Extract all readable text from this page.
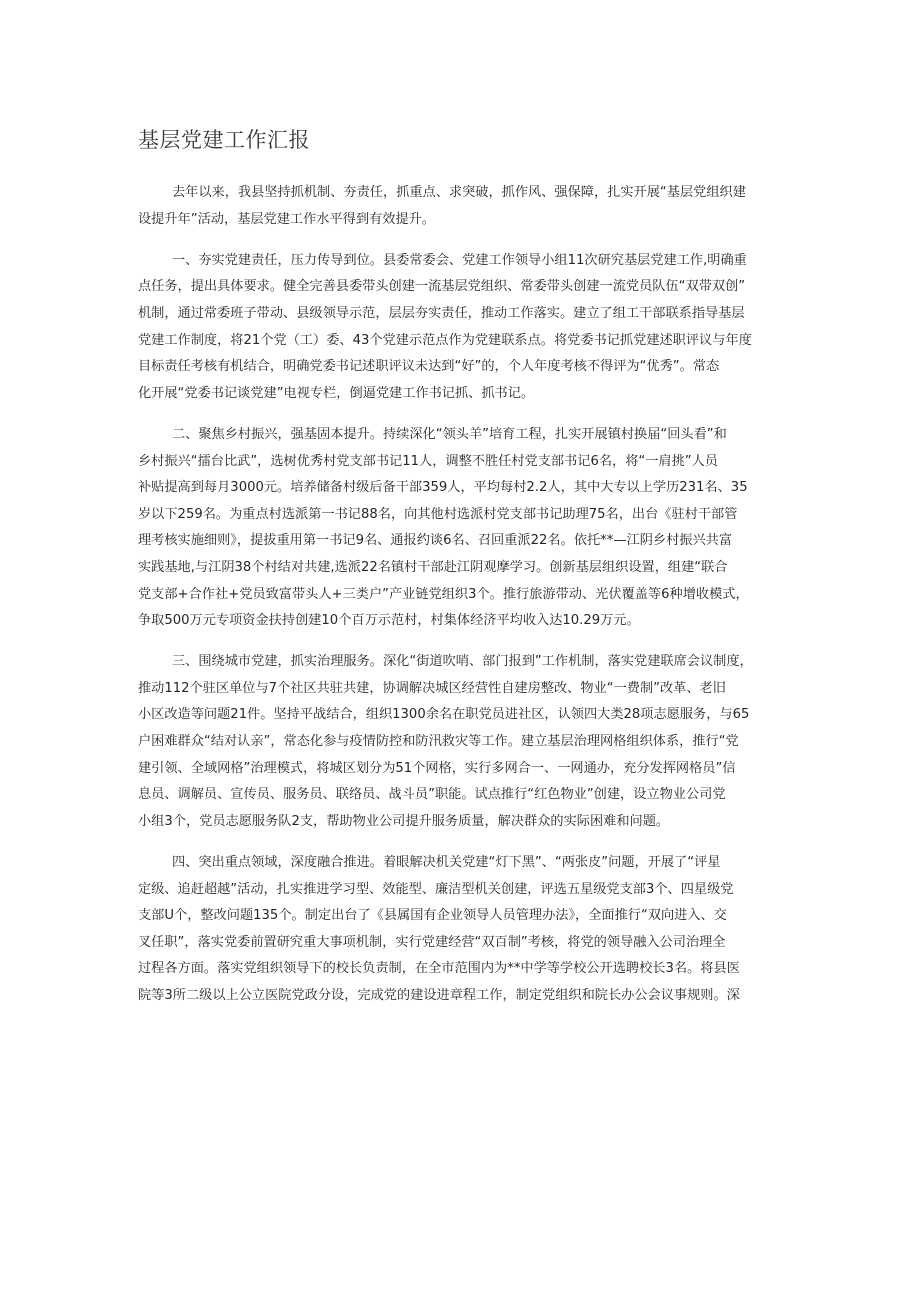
基层党建工作汇报
去年以来，我县坚持抓机制、夯责任，抓重点、求突破，抓作风、强保障，扎实开展“基层党组织建
设提升年”活动，基层党建工作水平得到有效提升。
一、夯实党建责任，压力传导到位。县委常委会、党建工作领导小组11次研究基层党建工作,明确重
点任务，提出具体要求。健全完善县委带头创建一流基层党组织、常委带头创建一流党员队伍“双带双创”
机制，通过常委班子带动、县级领导示范，层层夯实责任，推动工作落实。建立了组工干部联系指导基层
党建工作制度，将21个党（工）委、43个党建示范点作为党建联系点。将党委书记抓党建述职评议与年度
目标责任考核有机结合，明确党委书记述职评议未达到“好”的，个人年度考核不得评为“优秀”。常态
化开展“党委书记谈党建”电视专栏，倒逼党建工作书记抓、抓书记。
二、聚焦乡村振兴，强基固本提升。持续深化“领头羊”培育工程，扎实开展镇村换届“回头看”和
乡村振兴“擂台比武”，选树优秀村党支部书记11人，调整不胜任村党支部书记6名，将“一肩挑”人员
补贴提高到每月3000元。培养储备村级后备干部359人，平均每村2.2人，其中大专以上学历231名、35
岁以下259名。为重点村选派第一书记88名，向其他村选派村党支部书记助理75名，出台《驻村干部管
理考核实施细则》，提拔重用第一书记9名、通报约谈6名、召回重派22名。依托**—江阴乡村振兴共富
实践基地,与江阴38个村结对共建,选派22名镇村干部赴江阴观摩学习。创新基层组织设置，组建“联合
党支部+合作社+党员致富带头人+三类户”产业链党组织3个。推行旅游带动、光伏覆盖等6种增收模式，
争取500万元专项资金扶持创建10个百万示范村，村集体经济平均收入达10.29万元。
三、围绕城市党建，抓实治理服务。深化“街道吹哨、部门报到”工作机制，落实党建联席会议制度，
推动112个驻区单位与7个社区共驻共建，协调解决城区经营性自建房整改、物业“一费制”改革、老旧
小区改造等问题21件。坚持平战结合，组织1300余名在职党员进社区，认领四大类28项志愿服务，与65
户困难群众“结对认亲”，常态化参与疫情防控和防汛救灾等工作。建立基层治理网格组织体系，推行“党
建引领、全域网格”治理模式，将城区划分为51个网格，实行多网合一、一网通办，充分发挥网格员”信
息员、调解员、宣传员、服务员、联络员、战斗员”职能。试点推行“红色物业”创建，设立物业公司党
小组3个，党员志愿服务队2支，帮助物业公司提升服务质量，解决群众的实际困难和问题。
四、突出重点领域，深度融合推进。着眼解决机关党建“灯下黑”、“两张皮”问题，开展了“评星
定级、追赶超越”活动，扎实推进学习型、效能型、廉洁型机关创建，评选五星级党支部3个、四星级党
支部U个，整改问题135个。制定出台了《县属国有企业领导人员管理办法》，全面推行“双向进入、交
叉任职”，落实党委前置研究重大事项机制，实行党建经营“双百制”考核，将党的领导融入公司治理全
过程各方面。落实党组织领导下的校长负责制，在全市范围内为**中学等学校公开选聘校长3名。将县医
院等3所二级以上公立医院党政分设，完成党的建设进章程工作，制定党组织和院长办公会议事规则。深
